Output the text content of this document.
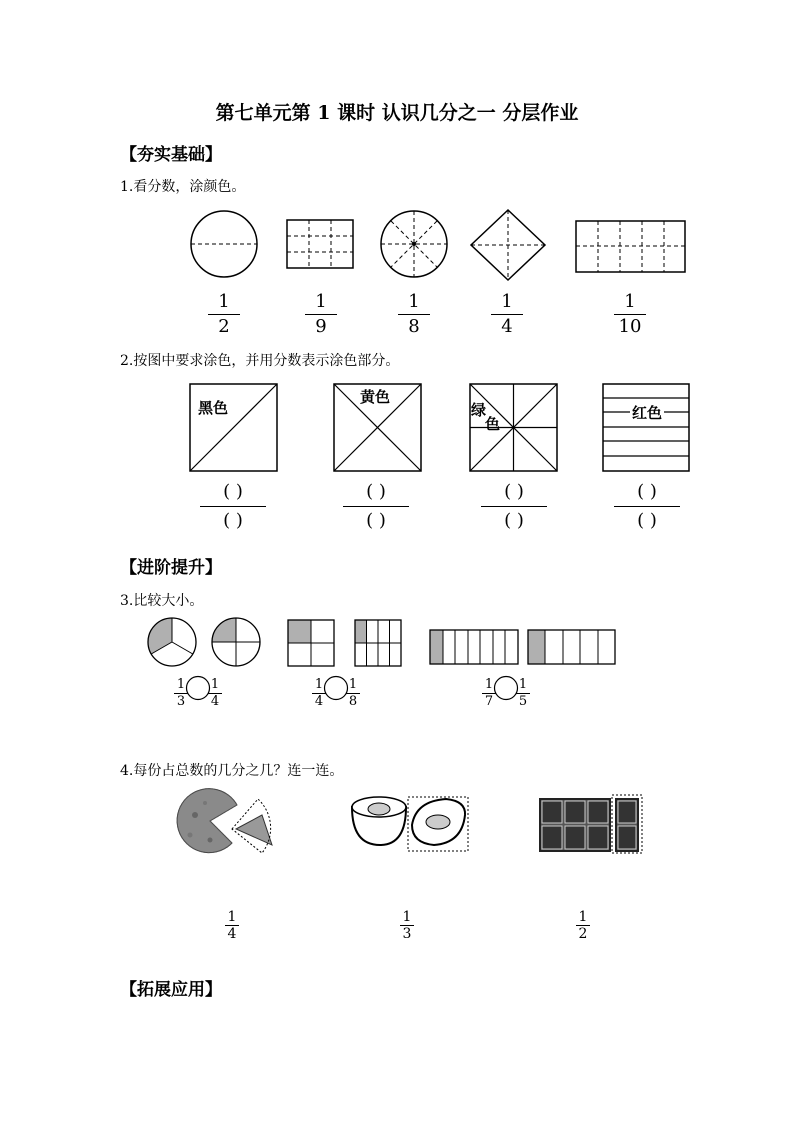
第七单元第 1 课时 认识几分之一 分层作业
【夯实基础】
1.看分数，涂颜色。
1
2
1
9
1
8
1
4
1
10
2.按图中要求涂色，并用分数表示涂色部分。
黑色
黄色
绿
色
红色
( )
( )
( )
( )
( )
( )
( )
( )
【进阶提升】
3.比较大小。
1
3
1
4
1
4
1
8
1
7
1
5
4.每份占总数的几分之几？连一连。
1
4
1
3
1
2
【拓展应用】
